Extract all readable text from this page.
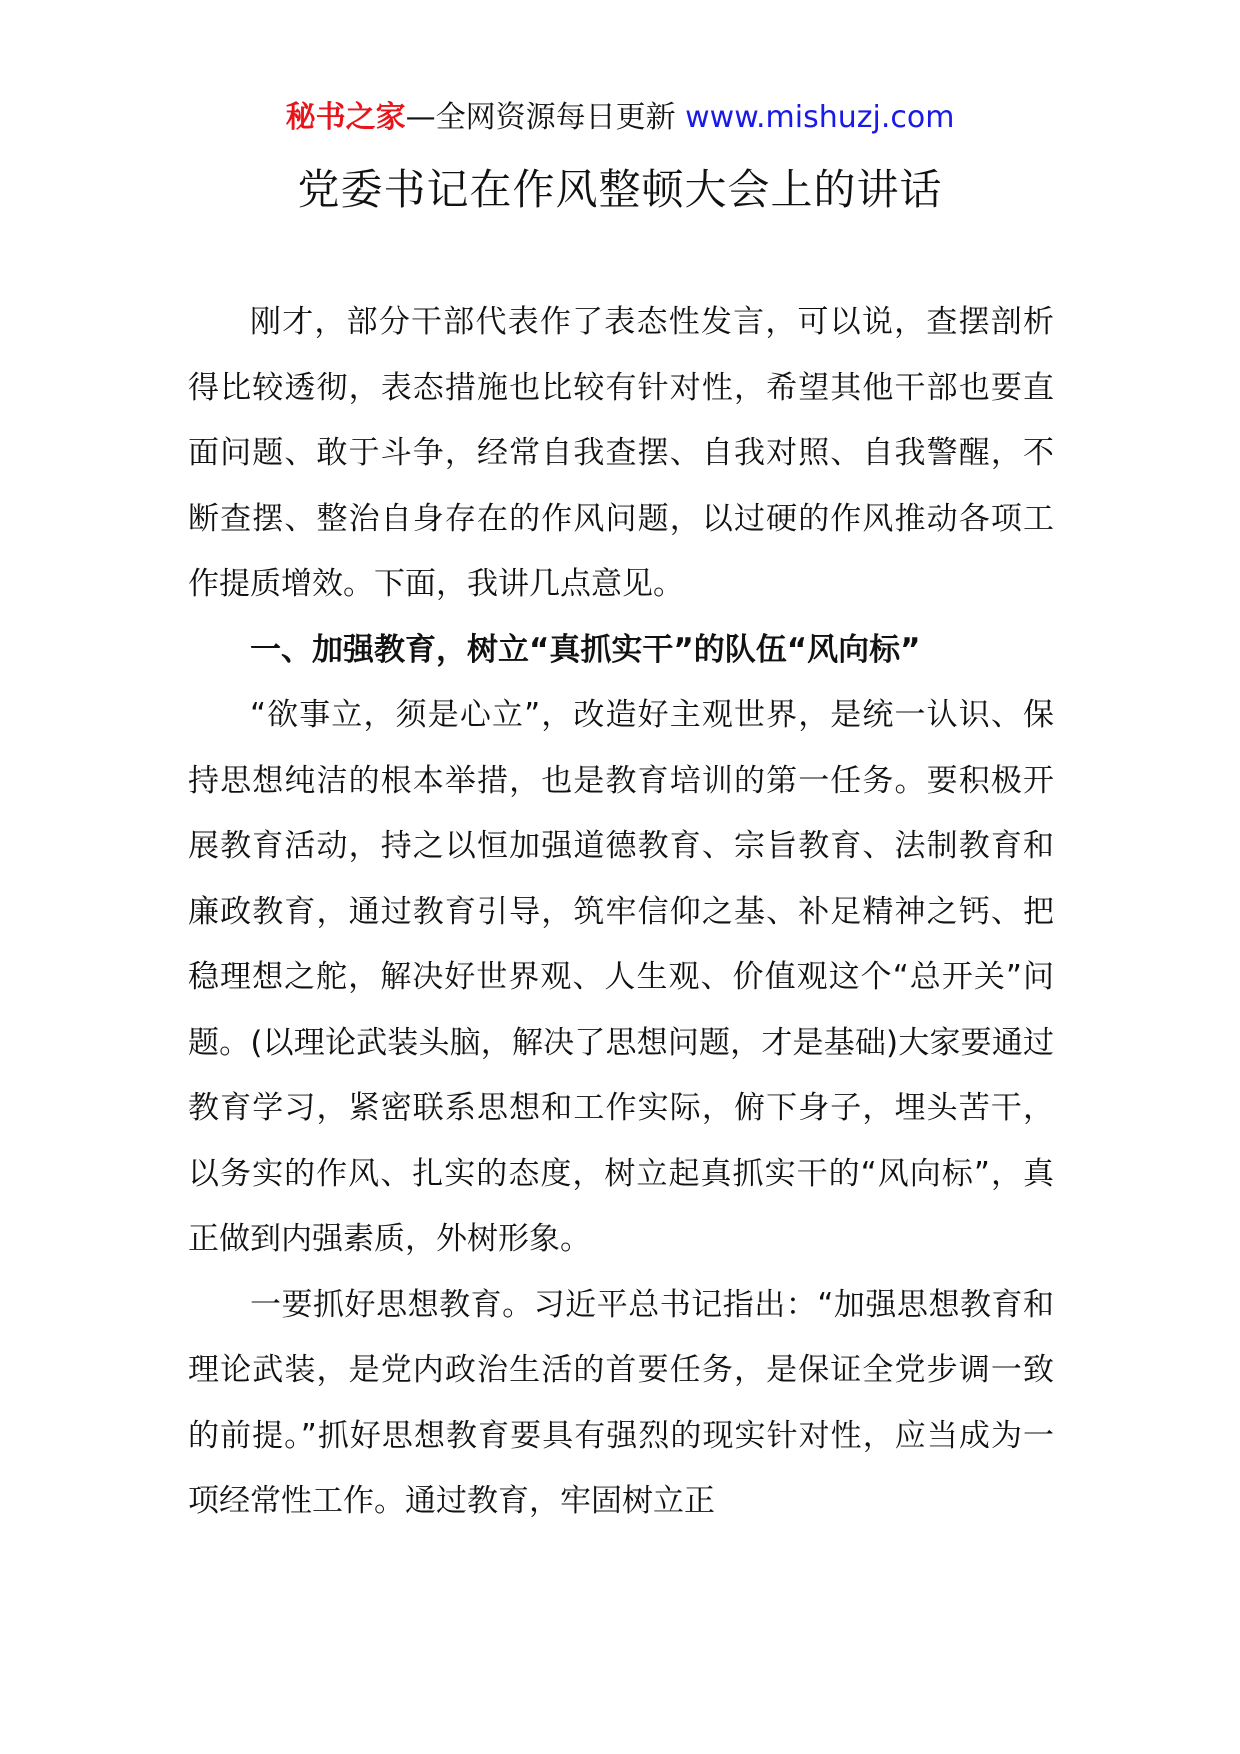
秘书之家—全网资源每日更新 www.mishuzj.com
党委书记在作风整顿大会上的讲话

刚才，部分干部代表作了表态性发言，可以说，查摆剖析得比较透彻，表态措施也比较有针对性，希望其他干部也要直面问题、敢于斗争，经常自我查摆、自我对照、自我警醒，不断查摆、整治自身存在的作风问题，以过硬的作风推动各项工作提质增效。下面，我讲几点意见。

一、加强教育，树立“真抓实干”的队伍“风向标”

“欲事立，须是心立”，改造好主观世界，是统一认识、保持思想纯洁的根本举措，也是教育培训的第一任务。要积极开展教育活动，持之以恒加强道德教育、宗旨教育、法制教育和廉政教育，通过教育引导，筑牢信仰之基、补足精神之钙、把稳理想之舵，解决好世界观、人生观、价值观这个“总开关”问题。(以理论武装头脑，解决了思想问题，才是基础)大家要通过教育学习，紧密联系思想和工作实际，俯下身子，埋头苦干，以务实的作风、扎实的态度，树立起真抓实干的“风向标”，真正做到内强素质，外树形象。

一要抓好思想教育。习近平总书记指出：“加强思想教育和理论武装，是党内政治生活的首要任务，是保证全党步调一致的前提。”抓好思想教育要具有强烈的现实针对性，应当成为一项经常性工作。通过教育，牢固树立正
